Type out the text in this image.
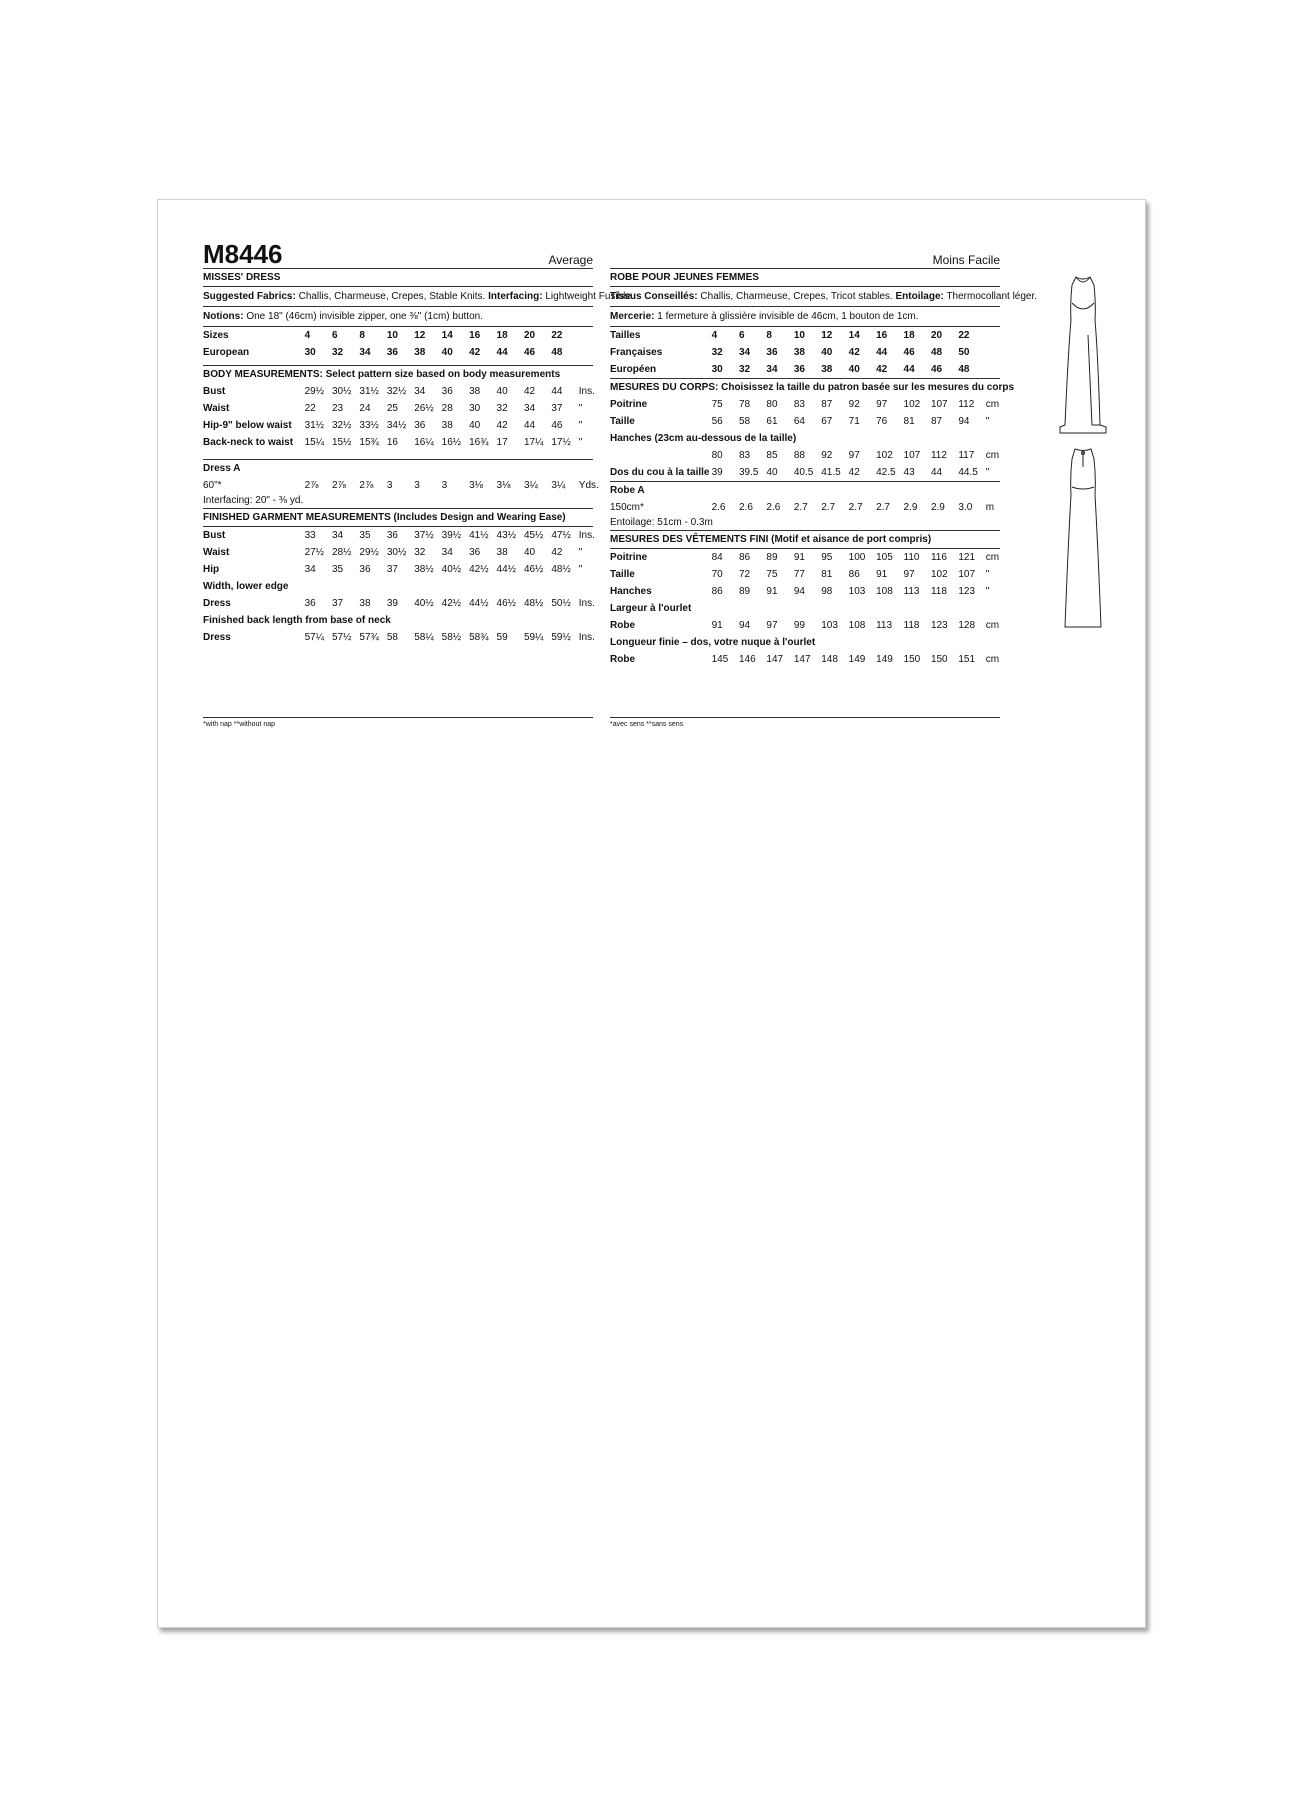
M8446	Average
MISSES' DRESS
Suggested Fabrics: Challis, Charmeuse, Crepes, Stable Knits. Interfacing: Lightweight Fusible.
Notions: One 18" (46cm) invisible zipper, one ⅜" (1cm) button.
Sizes	4	6	8	10	12	14	16	18	20	22	
European	30	32	34	36	38	40	42	44	46	48	
BODY MEASUREMENTS: Select pattern size based on body measurements
Bust	29½	30½	31½	32½	34	36	38	40	42	44	Ins.
Waist	22	23	24	25	26½	28	30	32	34	37	"
Hip-9" below waist	31½	32½	33½	34½	36	38	40	42	44	46	"
Back-neck to waist	15¼	15½	15¾	16	16¼	16½	16¾	17	17¼	17½	"
Dress A
60"*	2⅞	2⅞	2⅞	3	3	3	3⅛	3⅛	3¼	3¼	Yds.
Interfacing: 20" - ⅜ yd.
FINISHED GARMENT MEASUREMENTS (Includes Design and Wearing Ease)
Bust	33	34	35	36	37½	39½	41½	43½	45½	47½	Ins.
Waist	27½	28½	29½	30½	32	34	36	38	40	42	"
Hip	34	35	36	37	38½	40½	42½	44½	46½	48½	"
Width, lower edge											
Dress	36	37	38	39	40½	42½	44½	46½	48½	50½	Ins.
Finished back length from base of neck											
Dress	57¼	57½	57¾	58	58¼	58½	58¾	59	59¼	59½	Ins.
Moins Facile
ROBE POUR JEUNES FEMMES
Tissus Conseillés: Challis, Charmeuse, Crepes, Tricot stables. Entoilage: Thermocollant léger.
Mercerie: 1 fermeture à glissière invisible de 46cm, 1 bouton de 1cm.
Tailles	4	6	8	10	12	14	16	18	20	22	
Françaises	32	34	36	38	40	42	44	46	48	50	
Européen	30	32	34	36	38	40	42	44	46	48	
MESURES DU CORPS: Choisissez la taille du patron basée sur les mesures du corps
Poitrine	75	78	80	83	87	92	97	102	107	112	cm
Taille	56	58	61	64	67	71	76	81	87	94	"
Hanches (23cm au-dessous de la taille)
	80	83	85	88	92	97	102	107	112	117	cm
Dos du cou à la taille	39	39.5	40	40.5	41.5	42	42.5	43	44	44.5	"
Robe A
150cm*	2.6	2.6	2.6	2.7	2.7	2.7	2.7	2.9	2.9	3.0	m
Entoilage: 51cm - 0.3m
MESURES DES VÊTEMENTS FINI (Motif et aisance de port compris)
Poitrine	84	86	89	91	95	100	105	110	116	121	cm
Taille	70	72	75	77	81	86	91	97	102	107	"
Hanches	86	89	91	94	98	103	108	113	118	123	"
Largeur à l'ourlet											
Robe	91	94	97	99	103	108	113	118	123	128	cm
Longueur finie – dos, votre nuque à l'ourlet											
Robe	145	146	147	147	148	149	149	150	150	151	cm
*with nap **without nap	*avec sens **sans sens
